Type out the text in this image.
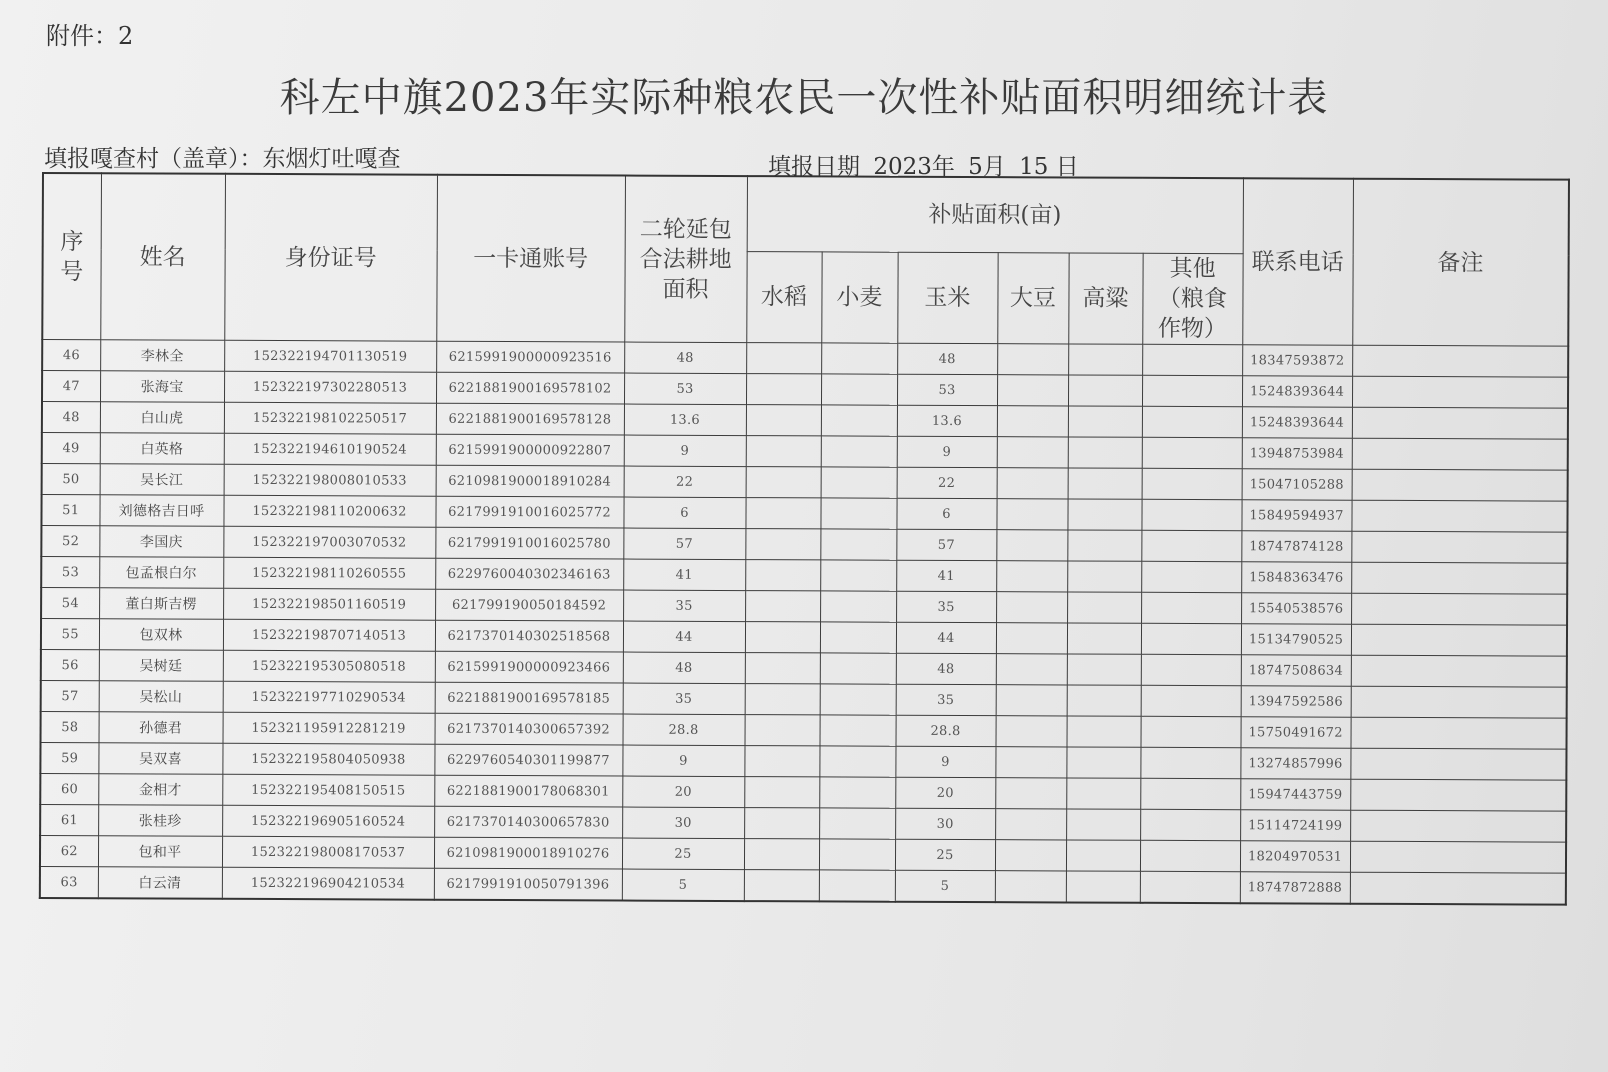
附件：2
科左中旗2023年实际种粮农民一次性补贴面积明细统计表
填报嘎查村（盖章）：东烟灯吐嘎查	填报日期 2023年 5月 15 日
序号	姓名	身份证号	一卡通账号	二轮延包合法耕地面积	补贴面积(亩)						联系电话	备注
					水稻	小麦	玉米	大豆	高粱	其他（粮食作物）		
46	李林全	152322194701130519	6215991900000923516	48			48				18347593872	
47	张海宝	152322197302280513	6221881900169578102	53			53				15248393644	
48	白山虎	152322198102250517	6221881900169578128	13.6			13.6				15248393644	
49	白英格	152322194610190524	6215991900000922807	9			9				13948753984	
50	吴长江	152322198008010533	6210981900018910284	22			22				15047105288	
51	刘德格吉日呼	152322198110200632	6217991910016025772	6			6				15849594937	
52	李国庆	152322197003070532	6217991910016025780	57			57				18747874128	
53	包孟根白尔	152322198110260555	6229760040302346163	41			41				15848363476	
54	董白斯吉楞	152322198501160519	621799190050184592	35			35				15540538576	
55	包双林	152322198707140513	6217370140302518568	44			44				15134790525	
56	吴树廷	152322195305080518	6215991900000923466	48			48				18747508634	
57	吴松山	152322197710290534	6221881900169578185	35			35				13947592586	
58	孙德君	152321195912281219	6217370140300657392	28.8			28.8				15750491672	
59	吴双喜	152322195804050938	6229760540301199877	9			9				13274857996	
60	金相才	152322195408150515	6221881900178068301	20			20				15947443759	
61	张桂珍	152322196905160524	6217370140300657830	30			30				15114724199	
62	包和平	152322198008170537	6210981900018910276	25			25				18204970531	
63	白云清	152322196904210534	6217991910050791396	5			5				18747872888	
